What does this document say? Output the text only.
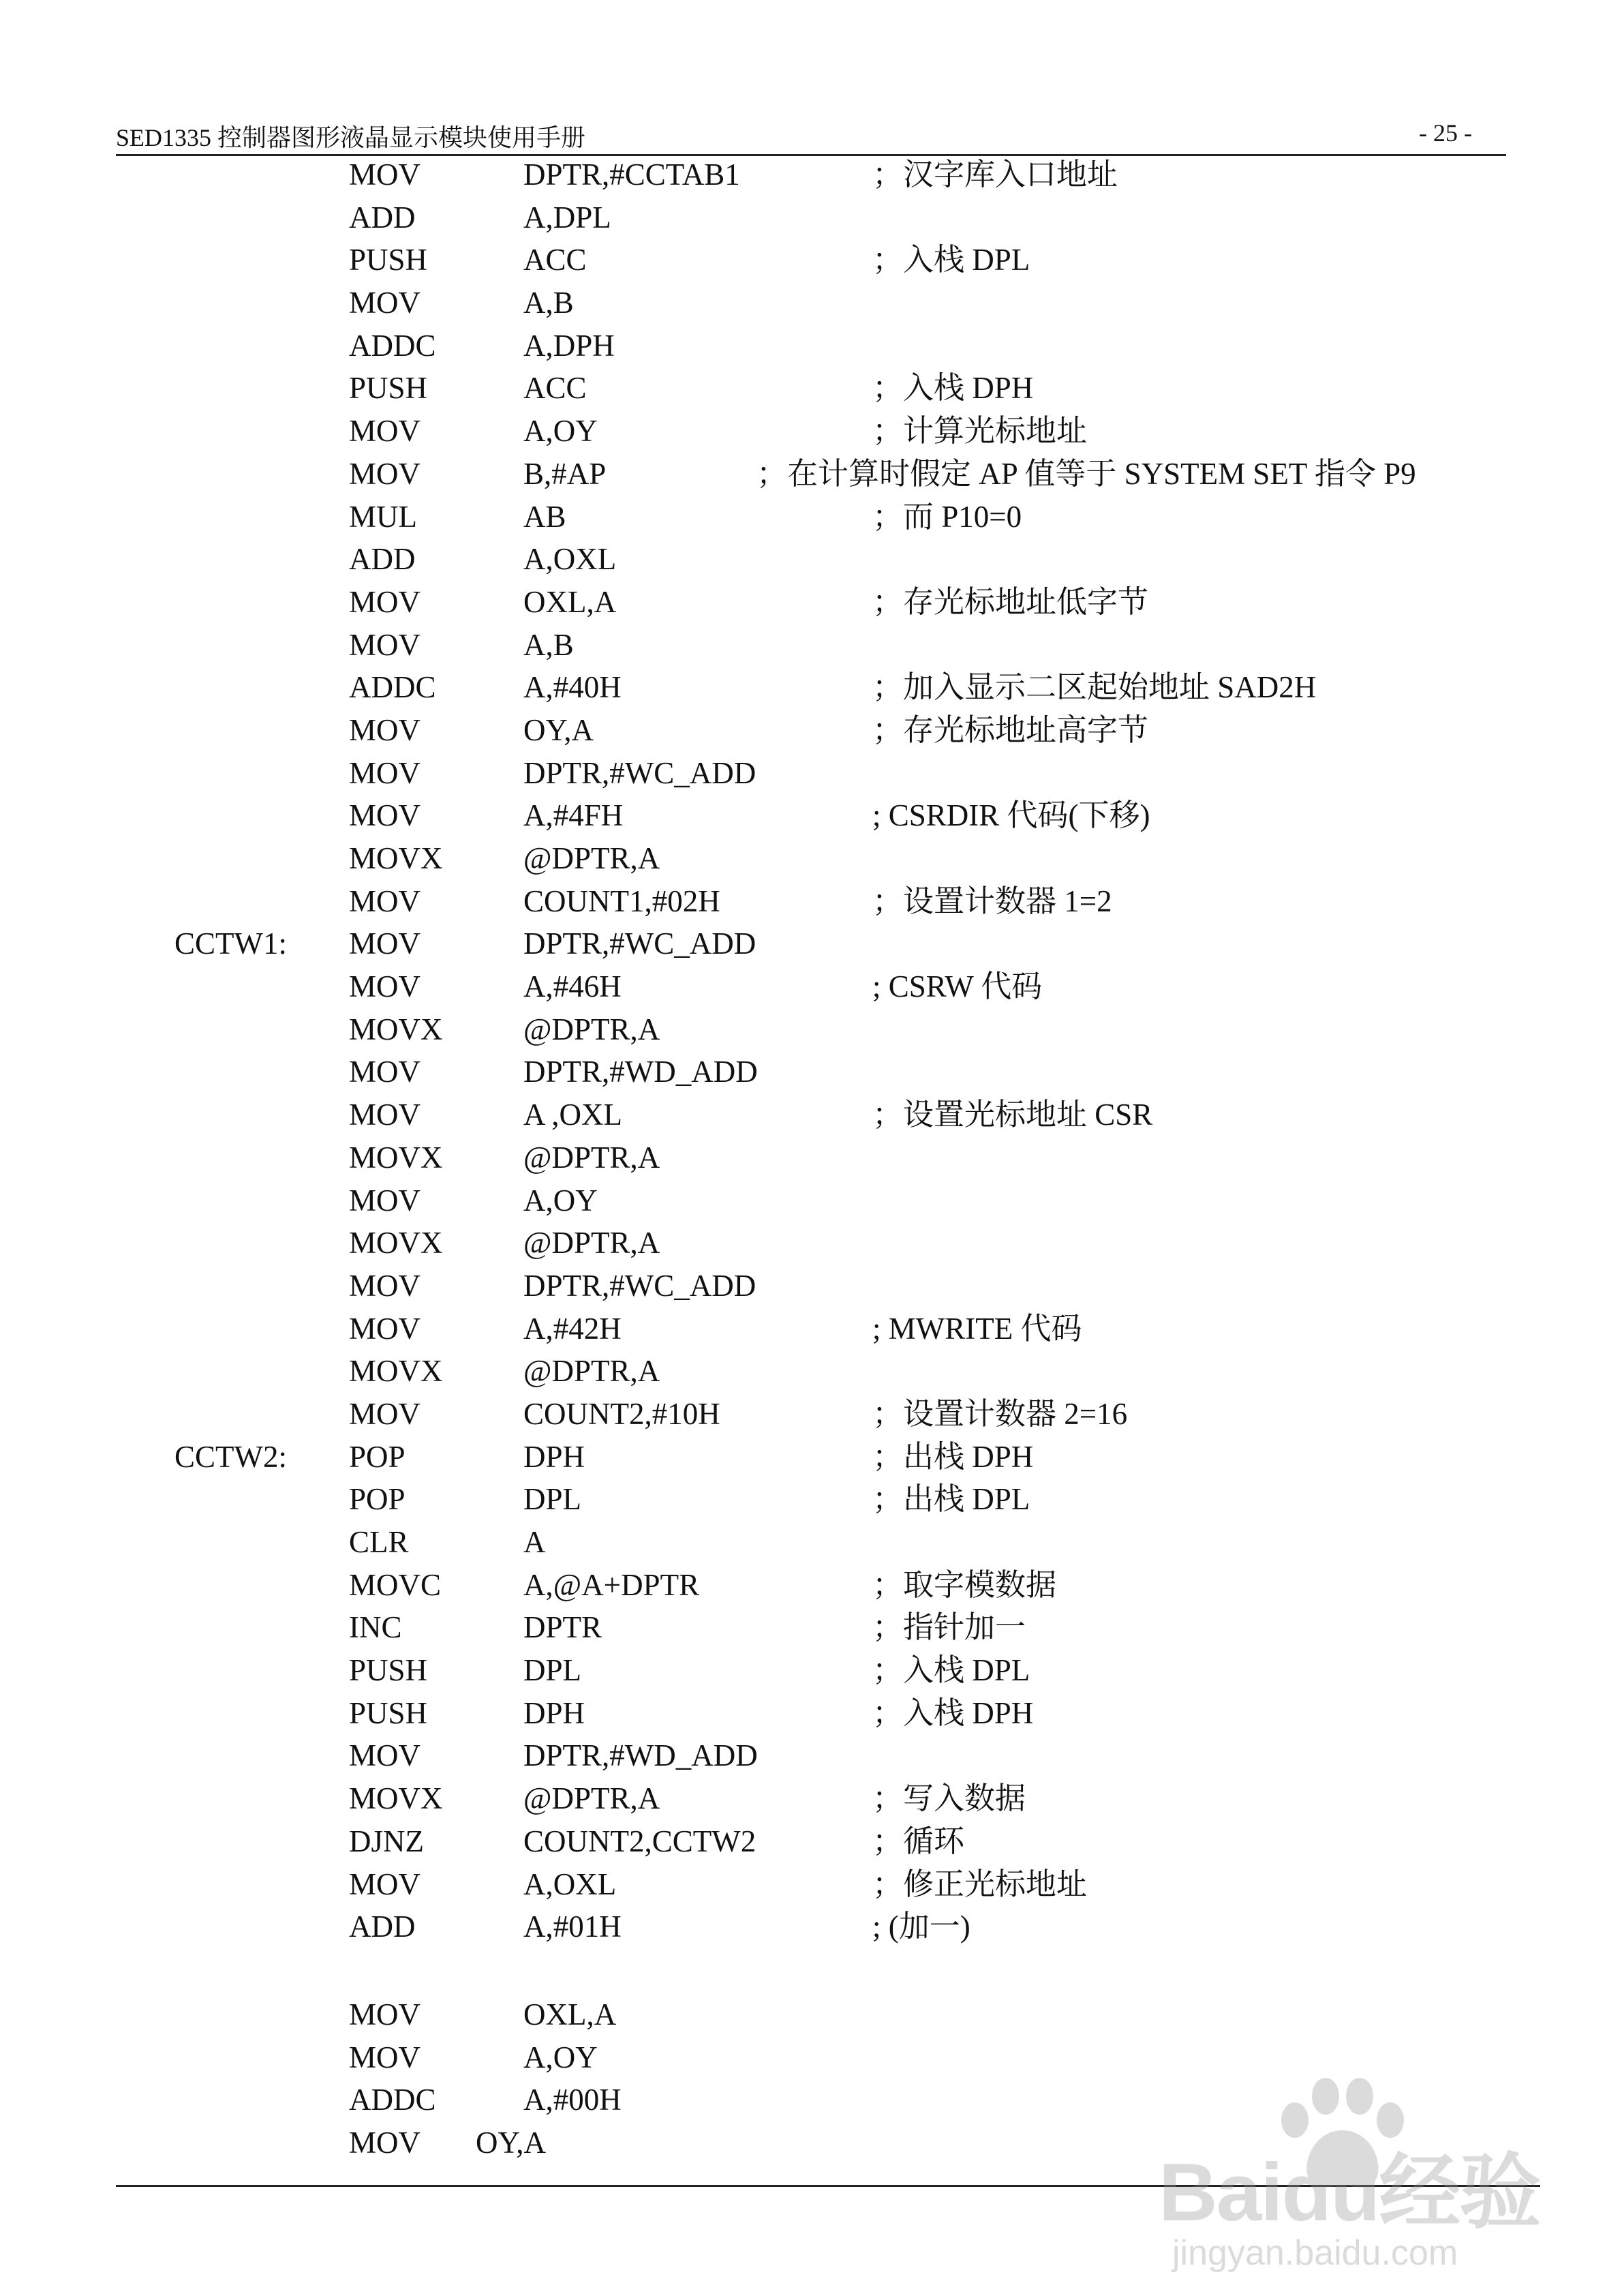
SED1335 控制器图形液晶显示模块使用手册	- 25 -
MOV	DPTR,#CCTAB1	；汉字库入口地址
ADD	A,DPL
PUSH	ACC	；入栈 DPL
MOV	A,B
ADDC	A,DPH
PUSH	ACC	；入栈 DPH
MOV	A,OY	；计算光标地址
MOV	B,#AP	；在计算时假定 AP 值等于 SYSTEM SET 指令 P9
MUL	AB	；而 P10=0
ADD	A,OXL
MOV	OXL,A	；存光标地址低字节
MOV	A,B
ADDC	A,#40H	；加入显示二区起始地址 SAD2H
MOV	OY,A	；存光标地址高字节
MOV	DPTR,#WC_ADD
MOV	A,#4FH	; CSRDIR 代码(下移)
MOVX	@DPTR,A
MOV	COUNT1,#02H	；设置计数器 1=2
CCTW1: MOV	DPTR,#WC_ADD
MOV	A,#46H	; CSRW 代码
MOVX	@DPTR,A
MOV	DPTR,#WD_ADD
MOV	A ,OXL	；设置光标地址 CSR
MOVX	@DPTR,A
MOV	A,OY
MOVX	@DPTR,A
MOV	DPTR,#WC_ADD
MOV	A,#42H	; MWRITE 代码
MOVX	@DPTR,A
MOV	COUNT2,#10H	；设置计数器 2=16
CCTW2: POP	DPH	；出栈 DPH
POP	DPL	；出栈 DPL
CLR	A
MOVC	A,@A+DPTR	；取字模数据
INC	DPTR	；指针加一
PUSH	DPL	；入栈 DPL
PUSH	DPH	；入栈 DPH
MOV	DPTR,#WD_ADD
MOVX	@DPTR,A	；写入数据
DJNZ	COUNT2,CCTW2	；循环
MOV	A,OXL	；修正光标地址
ADD	A,#01H	; (加一)
MOV	OXL,A
MOV	A,OY
ADDC	A,#00H
MOV OY,A
Baidu经验
jingyan.baidu.com
